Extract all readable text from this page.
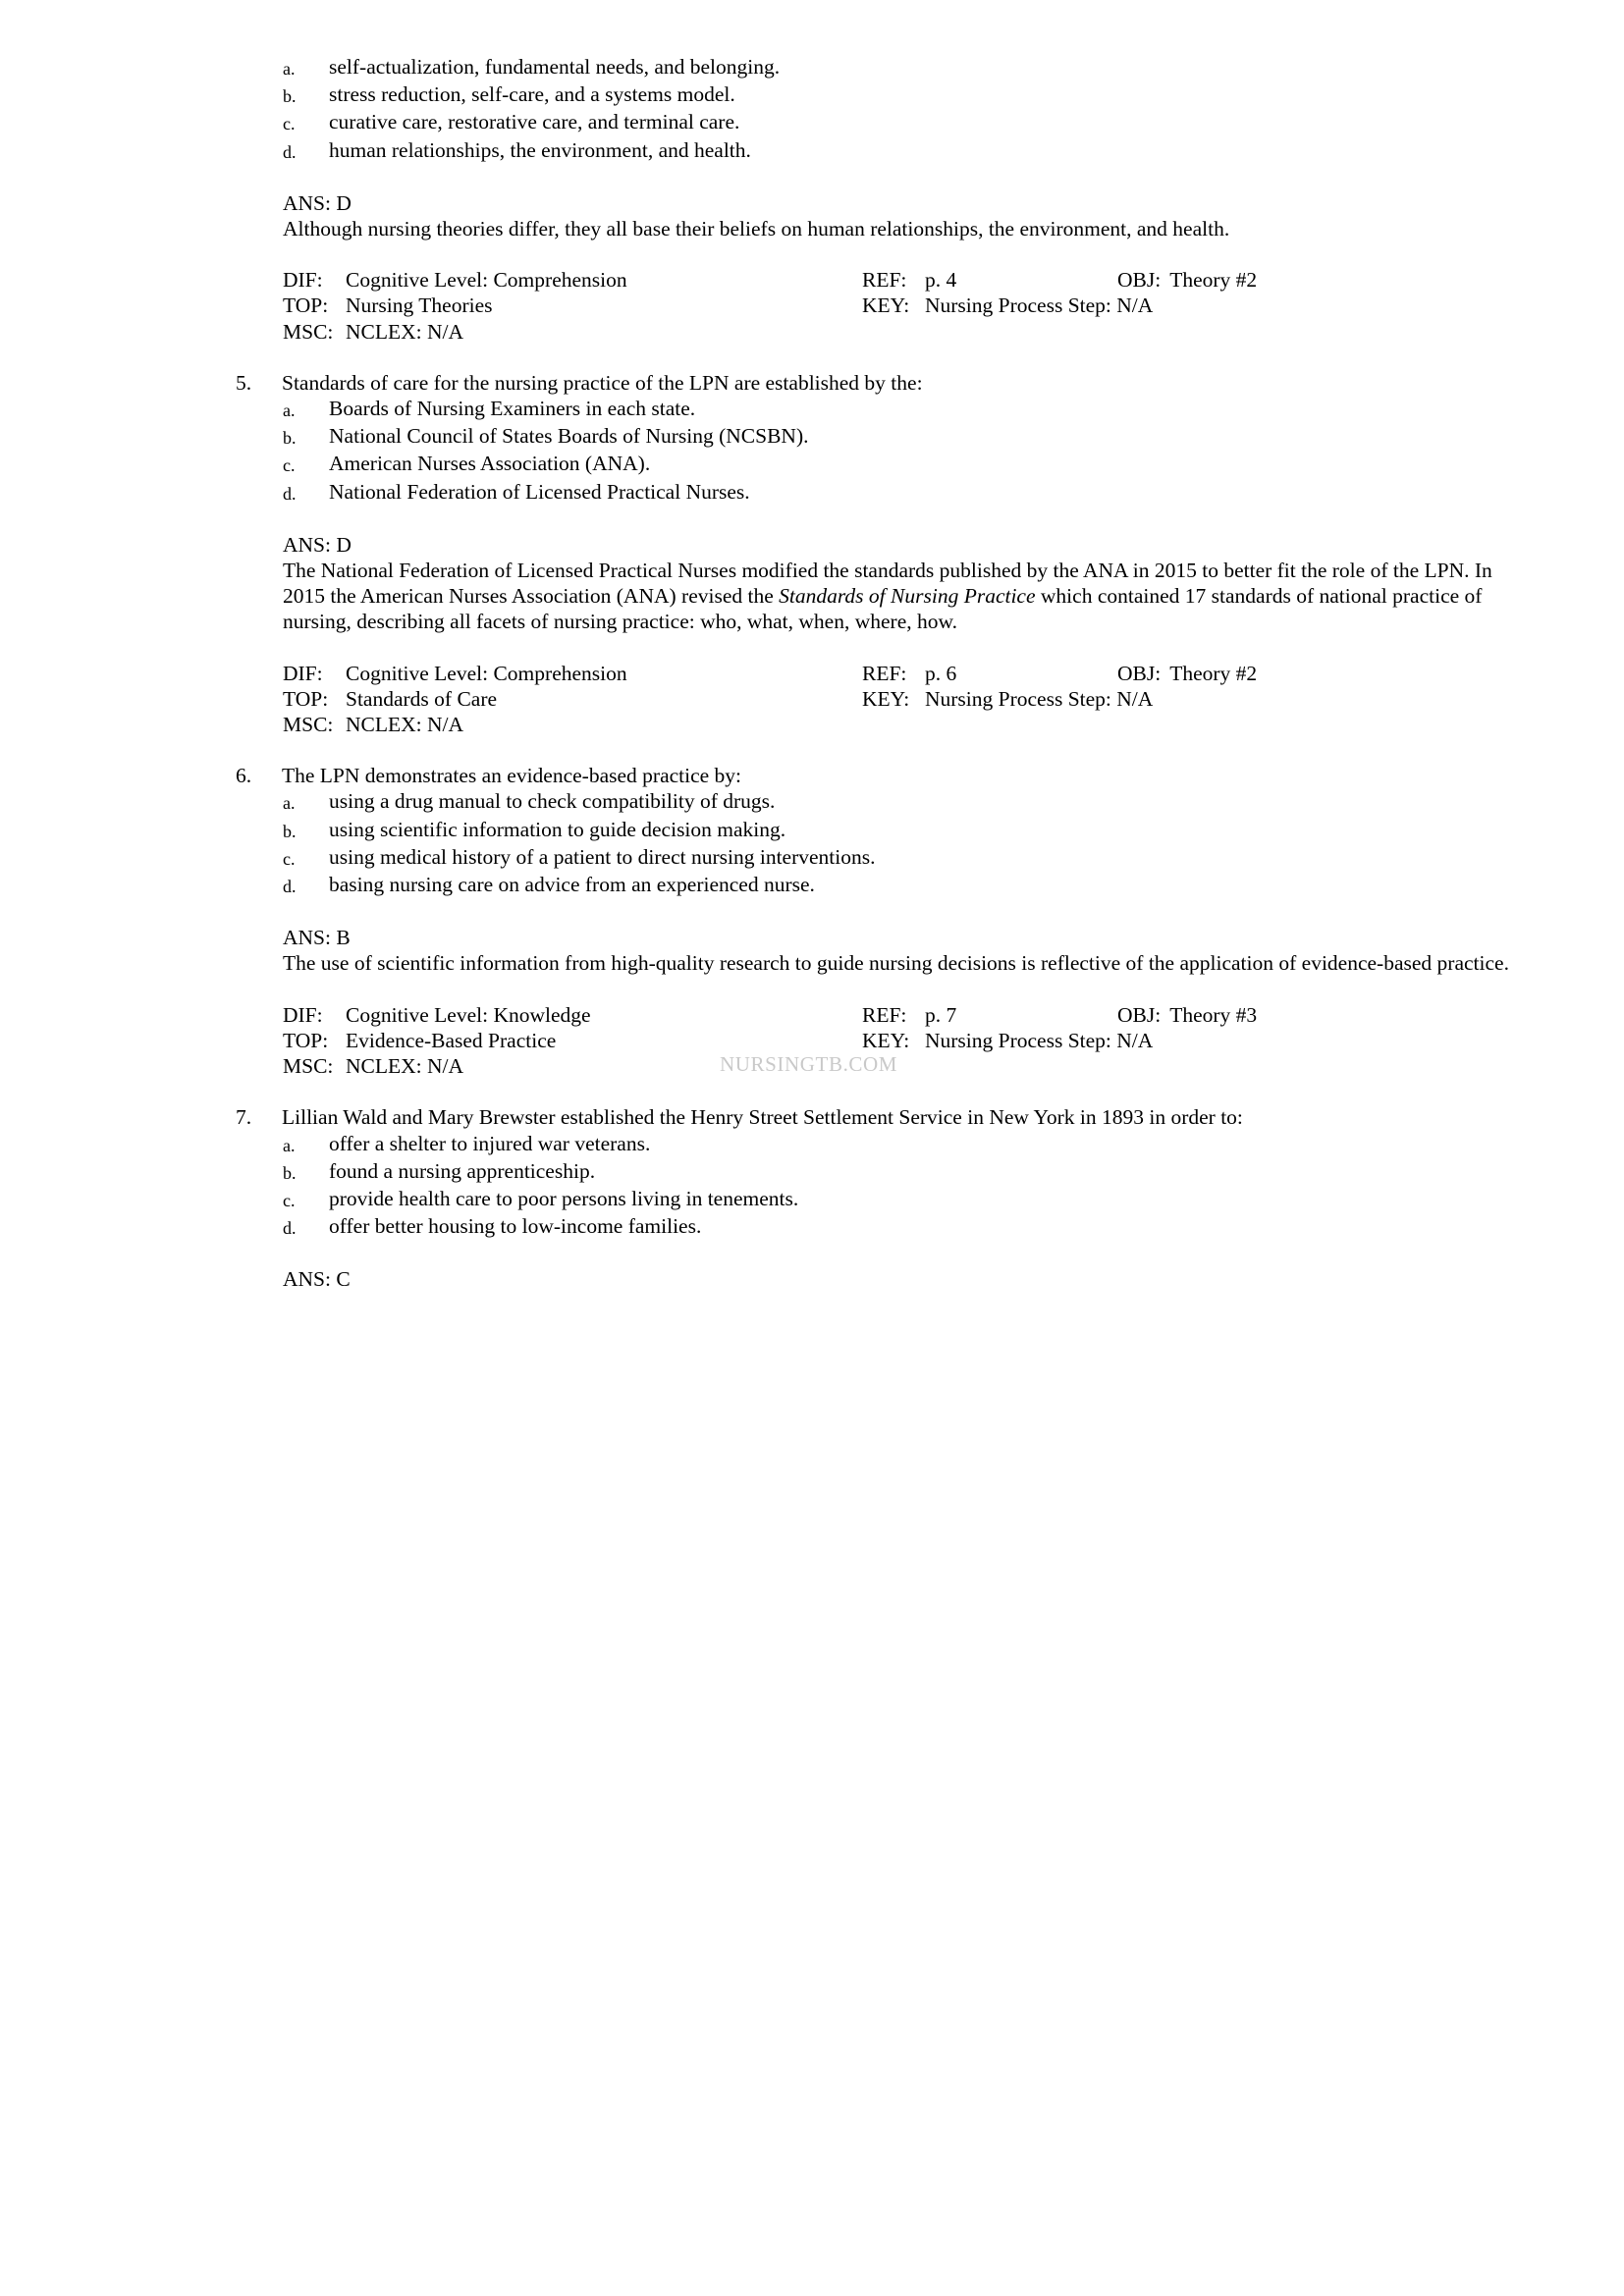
a.	self-actualization, fundamental needs, and belonging.
b.	stress reduction, self-care, and a systems model.
c.	curative care, restorative care, and terminal care.
d.	human relationships, the environment, and health.
ANS: D

Although nursing theories differ, they all base their beliefs on human relationships, the environment, and health.

DIF:	Cognitive Level: Comprehension	REF: p. 4	OBJ: Theory #2
TOP: Nursing Theories	KEY: Nursing Process Step: N/A
MSC: NCLEX: N/A
5.	Standards of care for the nursing practice of the LPN are established by the:
a.	Boards of Nursing Examiners in each state.
b.	National Council of States Boards of Nursing (NCSBN).
c.	American Nurses Association (ANA).
d.	National Federation of Licensed Practical Nurses.
ANS: D

The National Federation of Licensed Practical Nurses modified the standards published by the ANA in 2015 to better fit the role of the LPN. In 2015 the American Nurses Association (ANA) revised the Standards of Nursing Practice which contained 17 standards of national practice of nursing, describing all facets of nursing practice: who, what, when, where, how.

DIF:	Cognitive Level: Comprehension	REF: p. 6	OBJ: Theory #2
TOP: Standards of Care	KEY: Nursing Process Step: N/A
MSC: NCLEX: N/A
6.	The LPN demonstrates an evidence-based practice by:
a.	using a drug manual to check compatibility of drugs.
b.	using scientific information to guide decision making.
c.	using medical history of a patient to direct nursing interventions.
d.	basing nursing care on advice from an experienced nurse.
ANS: B

The use of scientific information from high-quality research to guide nursing decisions is reflective of the application of evidence-based practice.

DIF:	Cognitive Level: Knowledge	REF: p. 7	OBJ: Theory #3
TOP: Evidence-Based Practice	KEY: Nursing Process Step: N/A
MSC: NCLEX: N/A
7.	Lillian Wald and Mary Brewster established the Henry Street Settlement Service in New York in 1893 in order to:
a.	offer a shelter to injured war veterans.
b.	found a nursing apprenticeship.
c.	provide health care to poor persons living in tenements.
d.	offer better housing to low-income families.
ANS: C
NURSINGTB.COM
